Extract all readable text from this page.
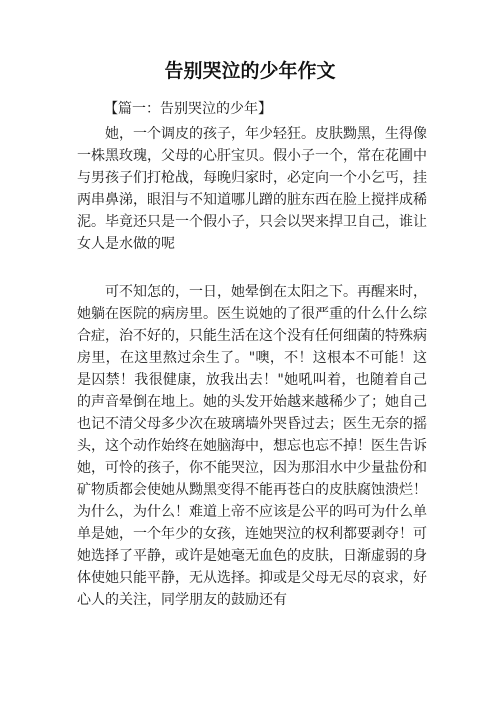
告别哭泣的少年作文
【篇一：告别哭泣的少年】
她，一个调皮的孩子，年少轻狂。皮肤黝黑，生得像一株黑玫瑰，父母的心肝宝贝。假小子一个，常在花圃中与男孩子们打枪战，每晚归家时，必定向一个小乞丐，挂两串鼻涕，眼泪与不知道哪儿蹭的脏东西在脸上搅拌成稀泥。毕竟还只是一个假小子，只会以哭来捍卫自己，谁让女人是水做的呢
可不知怎的，一日，她晕倒在太阳之下。再醒来时，她躺在医院的病房里。医生说她的了很严重的什么什么综合症，治不好的，只能生活在这个没有任何细菌的特殊病房里，在这里熬过余生了。"噢，不！这根本不可能！这是囚禁！我很健康，放我出去！"她吼叫着，也随着自己的声音晕倒在地上。她的头发开始越来越稀少了；她自己也记不清父母多少次在玻璃墙外哭昏过去；医生无奈的摇头，这个动作始终在她脑海中，想忘也忘不掉！医生告诉她，可怜的孩子，你不能哭泣，因为那泪水中少量盐份和矿物质都会使她从黝黑变得不能再苍白的皮肤腐蚀溃烂！为什么，为什么！难道上帝不应该是公平的吗可为什么单单是她，一个年少的女孩，连她哭泣的权利都要剥夺！可她选择了平静，或许是她毫无血色的皮肤，日渐虚弱的身体使她只能平静，无从选择。抑或是父母无尽的哀求，好心人的关注，同学朋友的鼓励还有
